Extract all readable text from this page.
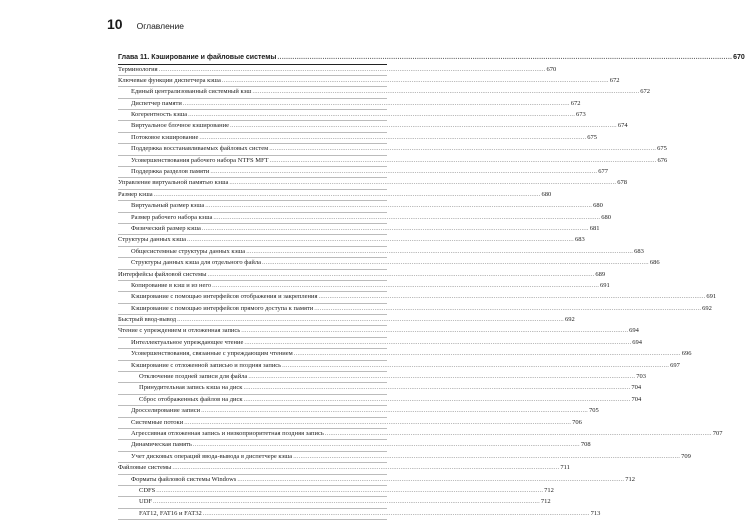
10 Оглавление
Глава 11. Кэширование и файловые системы .....	670
Терминология .....	670
Ключевые функции диспетчера кэша .....	672
Единый централизованный системный кэш .....	672
Диспетчер памяти .....	672
Когерентность кэша .....	673
Виртуальное блочное кэширование .....	674
Потоковое кэширование .....	675
Поддержка восстанавливаемых файловых систем .....	675
Усовершенствования рабочего набора NTFS MFT .....	676
Поддержка разделов памяти .....	677
Управление виртуальной памятью кэша .....	678
Размер кэша .....	680
Виртуальный размер кэша .....	680
Размер рабочего набора кэша .....	680
Физический размер кэша .....	681
Структуры данных кэша .....	683
Общесистемные структуры данных кэша .....	683
Структуры данных кэша для отдельного файла .....	686
Интерфейсы файловой системы .....	689
Копирование в кэш и из него .....	691
Кэширование с помощью интерфейсов отображения и закрепления .....	691
Кэширование с помощью интерфейсов прямого доступа к памяти .....	692
Быстрый ввод-вывод .....	692
Чтение с упреждением и отложенная запись .....	694
Интеллектуальное упреждающее чтение .....	694
Усовершенствования, связанные с упреждающим чтением .....	696
Кэширование с отложенной записью и поздняя запись .....	697
Отключение поздней записи для файла .....	703
Принудительная запись кэша на диск .....	704
Сброс отображенных файлов на диск .....	704
Дросселирование записи .....	705
Системные потоки .....	706
Агрессивная отложенная запись и низкоприоритетная поздняя запись .....	707
Динамическая память .....	708
Учет дисковых операций ввода-вывода в диспетчере кэша .....	709
Файловые системы .....	711
Форматы файловой системы Windows .....	712
CDFS .....	712
UDF .....	712
FAT12, FAT16 и FAT32 .....	713
